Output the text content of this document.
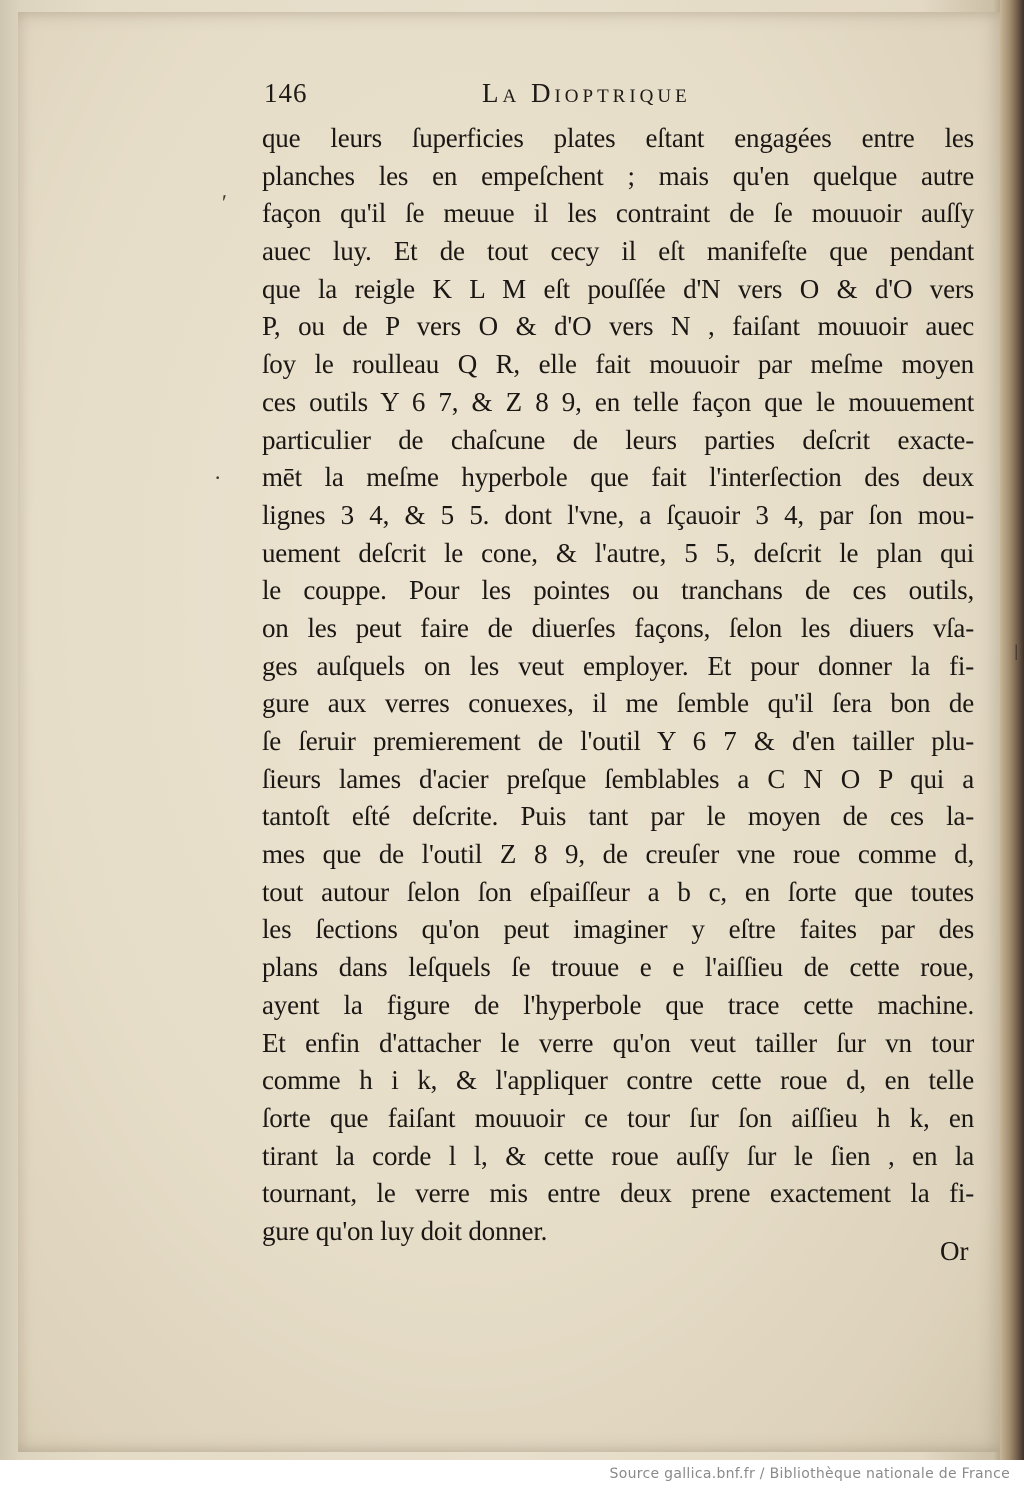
ʹ
·
ǀ
146	La Dioptrique
que leurs ſuperficies plates eſtant engagées entre les
planches les en empeſchent ; mais qu'en quelque autre
façon qu'il ſe meuue il les contraint de ſe mouuoir auſſy
auec luy. Et de tout cecy il eſt manifeſte que pendant
que la reigle K L M eſt pouſſée d'N vers O & d'O vers
P, ou de P vers O & d'O vers N , faiſant mouuoir auec
ſoy le roulleau Q R, elle fait mouuoir par meſme moyen
ces outils Y 6 7, & Z 8 9, en telle façon que le mouuement
particulier de chaſcune de leurs parties deſcrit exacte-
mēt la meſme hyperbole que fait l'interſection des deux
lignes 3 4, & 5 5. dont l'vne, a ſçauoir 3 4, par ſon mou-
uement deſcrit le cone, & l'autre, 5 5, deſcrit le plan qui
le couppe. Pour les pointes ou tranchans de ces outils,
on les peut faire de diuerſes façons, ſelon les diuers vſa-
ges auſquels on les veut employer. Et pour donner la fi-
gure aux verres conuexes, il me ſemble qu'il ſera bon de
ſe ſeruir premierement de l'outil Y 6 7 & d'en tailler plu-
ſieurs lames d'acier preſque ſemblables a C N O P qui a
tantoſt eſté deſcrite. Puis tant par le moyen de ces la-
mes que de l'outil Z 8 9, de creuſer vne roue comme d,
tout autour ſelon ſon eſpaiſſeur a b c, en ſorte que toutes
les ſections qu'on peut imaginer y eſtre faites par des
plans dans leſquels ſe trouue e e l'aiſſieu de cette roue,
ayent la figure de l'hyperbole que trace cette machine.
Et enfin d'attacher le verre qu'on veut tailler ſur vn tour
comme h i k, & l'appliquer contre cette roue d, en telle
ſorte que faiſant mouuoir ce tour ſur ſon aiſſieu h k, en
tirant la corde l l, & cette roue auſſy ſur le ſien , en la
tournant, le verre mis entre deux prene exactement la fi-
gure qu'on luy doit donner.
Or
Source gallica.bnf.fr / Bibliothèque nationale de France
